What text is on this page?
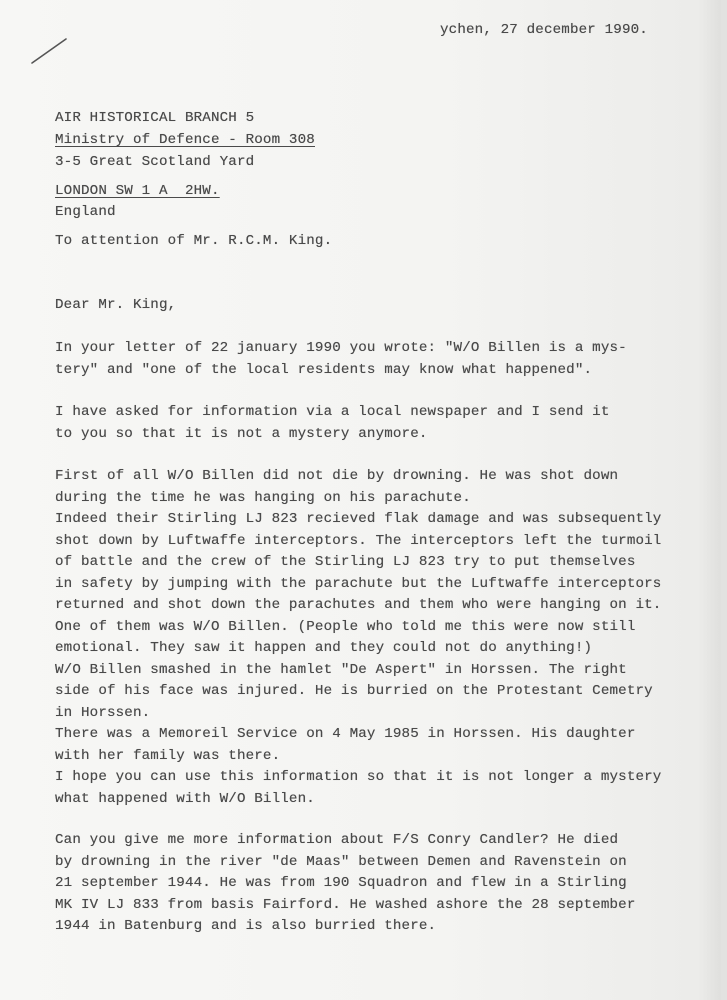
ychen, 27 december 1990.
AIR HISTORICAL BRANCH 5
Ministry of Defence - Room 308
3-5 Great Scotland Yard
LONDON SW 1 A  2HW.
England
To attention of Mr. R.C.M. King.
Dear Mr. King,
In your letter of 22 january 1990 you wrote: "W/O Billen is a mys-
tery" and "one of the local residents may know what happened".
I have asked for information via a local newspaper and I send it
to you so that it is not a mystery anymore.
First of all W/O Billen did not die by drowning. He was shot down
during the time he was hanging on his parachute.
Indeed their Stirling LJ 823 recieved flak damage and was subsequently
shot down by Luftwaffe interceptors. The interceptors left the turmoil
of battle and the crew of the Stirling LJ 823 try to put themselves
in safety by jumping with the parachute but the Luftwaffe interceptors
returned and shot down the parachutes and them who were hanging on it.
One of them was W/O Billen. (People who told me this were now still
emotional. They saw it happen and they could not do anything!)
W/O Billen smashed in the hamlet "De Aspert" in Horssen. The right
side of his face was injured. He is burried on the Protestant Cemetry
in Horssen.
There was a Memoreil Service on 4 May 1985 in Horssen. His daughter
with her family was there.
I hope you can use this information so that it is not longer a mystery
what happened with W/O Billen.
Can you give me more information about F/S Conry Candler? He died
by drowning in the river "de Maas" between Demen and Ravenstein on
21 september 1944. He was from 190 Squadron and flew in a Stirling
MK IV LJ 833 from basis Fairford. He washed ashore the 28 september
1944 in Batenburg and is also burried there.
